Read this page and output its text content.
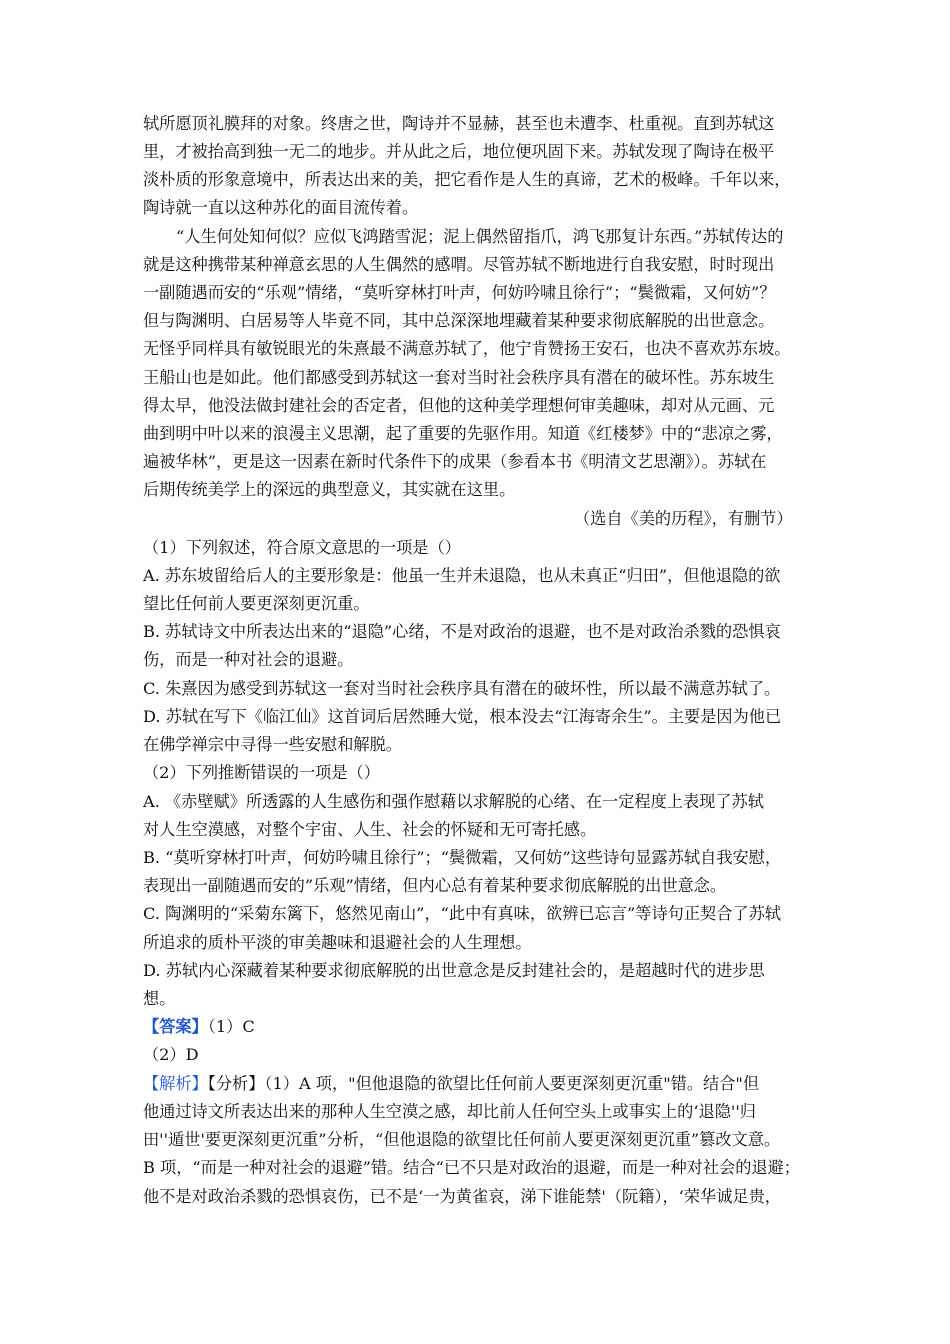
轼所愿顶礼膜拜的对象。终唐之世，陶诗并不显赫，甚至也未遭李、杜重视。直到苏轼这
里，才被抬高到独一无二的地步。并从此之后，地位便巩固下来。苏轼发现了陶诗在极平
淡朴质的形象意境中，所表达出来的美，把它看作是人生的真谛，艺术的极峰。千年以来，
陶诗就一直以这种苏化的面目流传着。
“人生何处知何似？应似飞鸿踏雪泥；泥上偶然留指爪，鸿飞那复计东西。”苏轼传达的
就是这种携带某种禅意玄思的人生偶然的感喟。尽管苏轼不断地进行自我安慰，时时现出
一副随遇而安的“乐观”情绪，“莫听穿林打叶声，何妨吟啸且徐行”；“鬓微霜，又何妨”？
但与陶渊明、白居易等人毕竟不同，其中总深深地埋藏着某种要求彻底解脱的出世意念。
无怪乎同样具有敏锐眼光的朱熹最不满意苏轼了，他宁肯赞扬王安石，也决不喜欢苏东坡。
王船山也是如此。他们都感受到苏轼这一套对当时社会秩序具有潜在的破坏性。苏东坡生
得太早，他没法做封建社会的否定者，但他的这种美学理想何审美趣味，却对从元画、元
曲到明中叶以来的浪漫主义思潮，起了重要的先驱作用。知道《红楼梦》中的“悲凉之雾，
遍被华林”，更是这一因素在新时代条件下的成果（参看本书《明清文艺思潮》）。苏轼在
后期传统美学上的深远的典型意义，其实就在这里。
（选自《美的历程》，有删节）
（1）下列叙述，符合原文意思的一项是（）
A. 苏东坡留给后人的主要形象是：他虽一生并未退隐，也从未真正“归田”，但他退隐的欲
望比任何前人要更深刻更沉重。
B. 苏轼诗文中所表达出来的“退隐”心绪，不是对政治的退避，也不是对政治杀戮的恐惧哀
伤，而是一种对社会的退避。
C. 朱熹因为感受到苏轼这一套对当时社会秩序具有潜在的破坏性，所以最不满意苏轼了。
D. 苏轼在写下《临江仙》这首词后居然睡大觉，根本没去“江海寄余生”。主要是因为他已
在佛学禅宗中寻得一些安慰和解脱。
（2）下列推断错误的一项是（）
A. 《赤壁赋》所透露的人生感伤和强作慰藉以求解脱的心绪、在一定程度上表现了苏轼
对人生空漠感，对整个宇宙、人生、社会的怀疑和无可寄托感。
B. “莫听穿林打叶声，何妨吟啸且徐行”；“鬓微霜，又何妨”这些诗句显露苏轼自我安慰，
表现出一副随遇而安的”乐观”情绪，但内心总有着某种要求彻底解脱的出世意念。
C. 陶渊明的“采菊东篱下，悠然见南山”，“此中有真味，欲辨已忘言”等诗句正契合了苏轼
所追求的质朴平淡的审美趣味和退避社会的人生理想。
D. 苏轼内心深藏着某种要求彻底解脱的出世意念是反封建社会的，是超越时代的进步思
想。
【答案】（1）C
（2）D
【解析】【分析】（1）A 项，"但他退隐的欲望比任何前人要更深刻更沉重"错。结合"但
他通过诗文所表达出来的那种人生空漠之感，却比前人任何空头上或事实上的‘退隐''归
田''遁世'要更深刻更沉重”分析，“但他退隐的欲望比任何前人要更深刻更沉重”篡改文意。
B 项，“而是一种对社会的退避”错。结合“已不只是对政治的退避，而是一种对社会的退避；
他不是对政治杀戮的恐惧哀伤，已不是‘一为黄雀哀，涕下谁能禁'（阮籍），‘荣华诚足贵，
